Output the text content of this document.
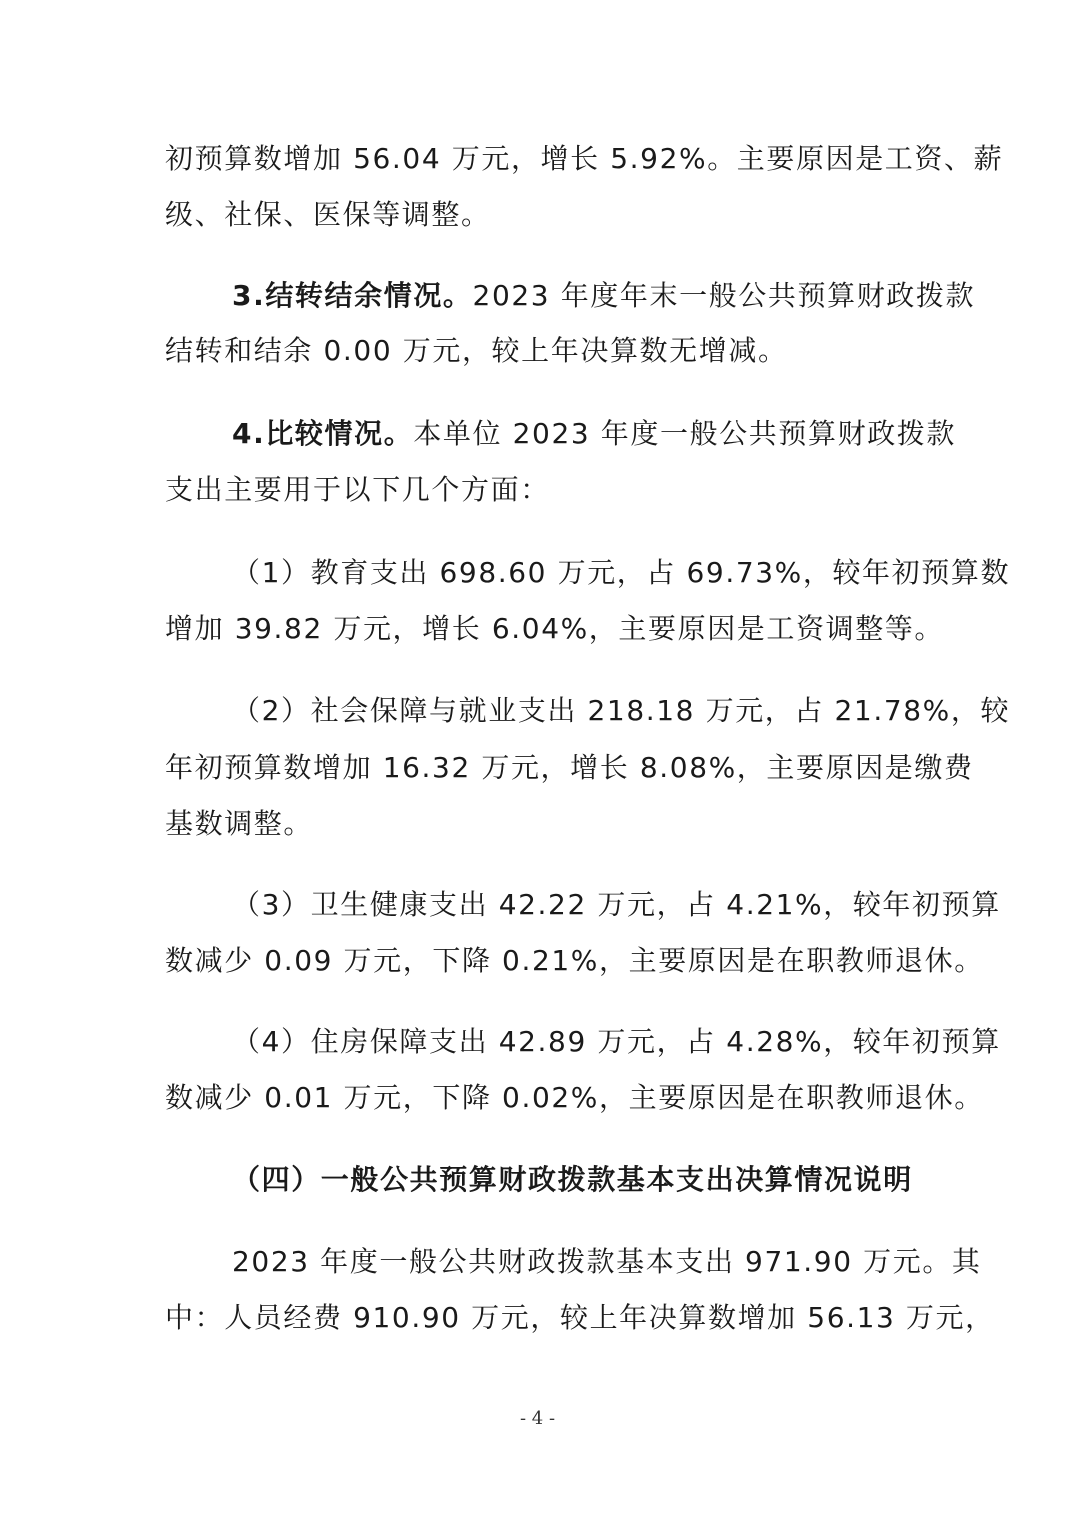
初预算数增加 56.04 万元，增长 5.92%。主要原因是工资、薪
级、社保、医保等调整。
3.结转结余情况。2023 年度年末一般公共预算财政拨款
结转和结余 0.00 万元，较上年决算数无增减。
4.比较情况。本单位 2023 年度一般公共预算财政拨款
支出主要用于以下几个方面：
（1）教育支出 698.60 万元，占 69.73%，较年初预算数
增加 39.82 万元，增长 6.04%，主要原因是工资调整等。
（2）社会保障与就业支出 218.18 万元，占 21.78%，较
年初预算数增加 16.32 万元，增长 8.08%，主要原因是缴费
基数调整。
（3）卫生健康支出 42.22 万元，占 4.21%，较年初预算
数减少 0.09 万元，下降 0.21%，主要原因是在职教师退休。
（4）住房保障支出 42.89 万元，占 4.28%，较年初预算
数减少 0.01 万元，下降 0.02%，主要原因是在职教师退休。
（四）一般公共预算财政拨款基本支出决算情况说明
2023 年度一般公共财政拨款基本支出 971.90 万元。其
中：人员经费 910.90 万元，较上年决算数增加 56.13 万元，
- 4 -
